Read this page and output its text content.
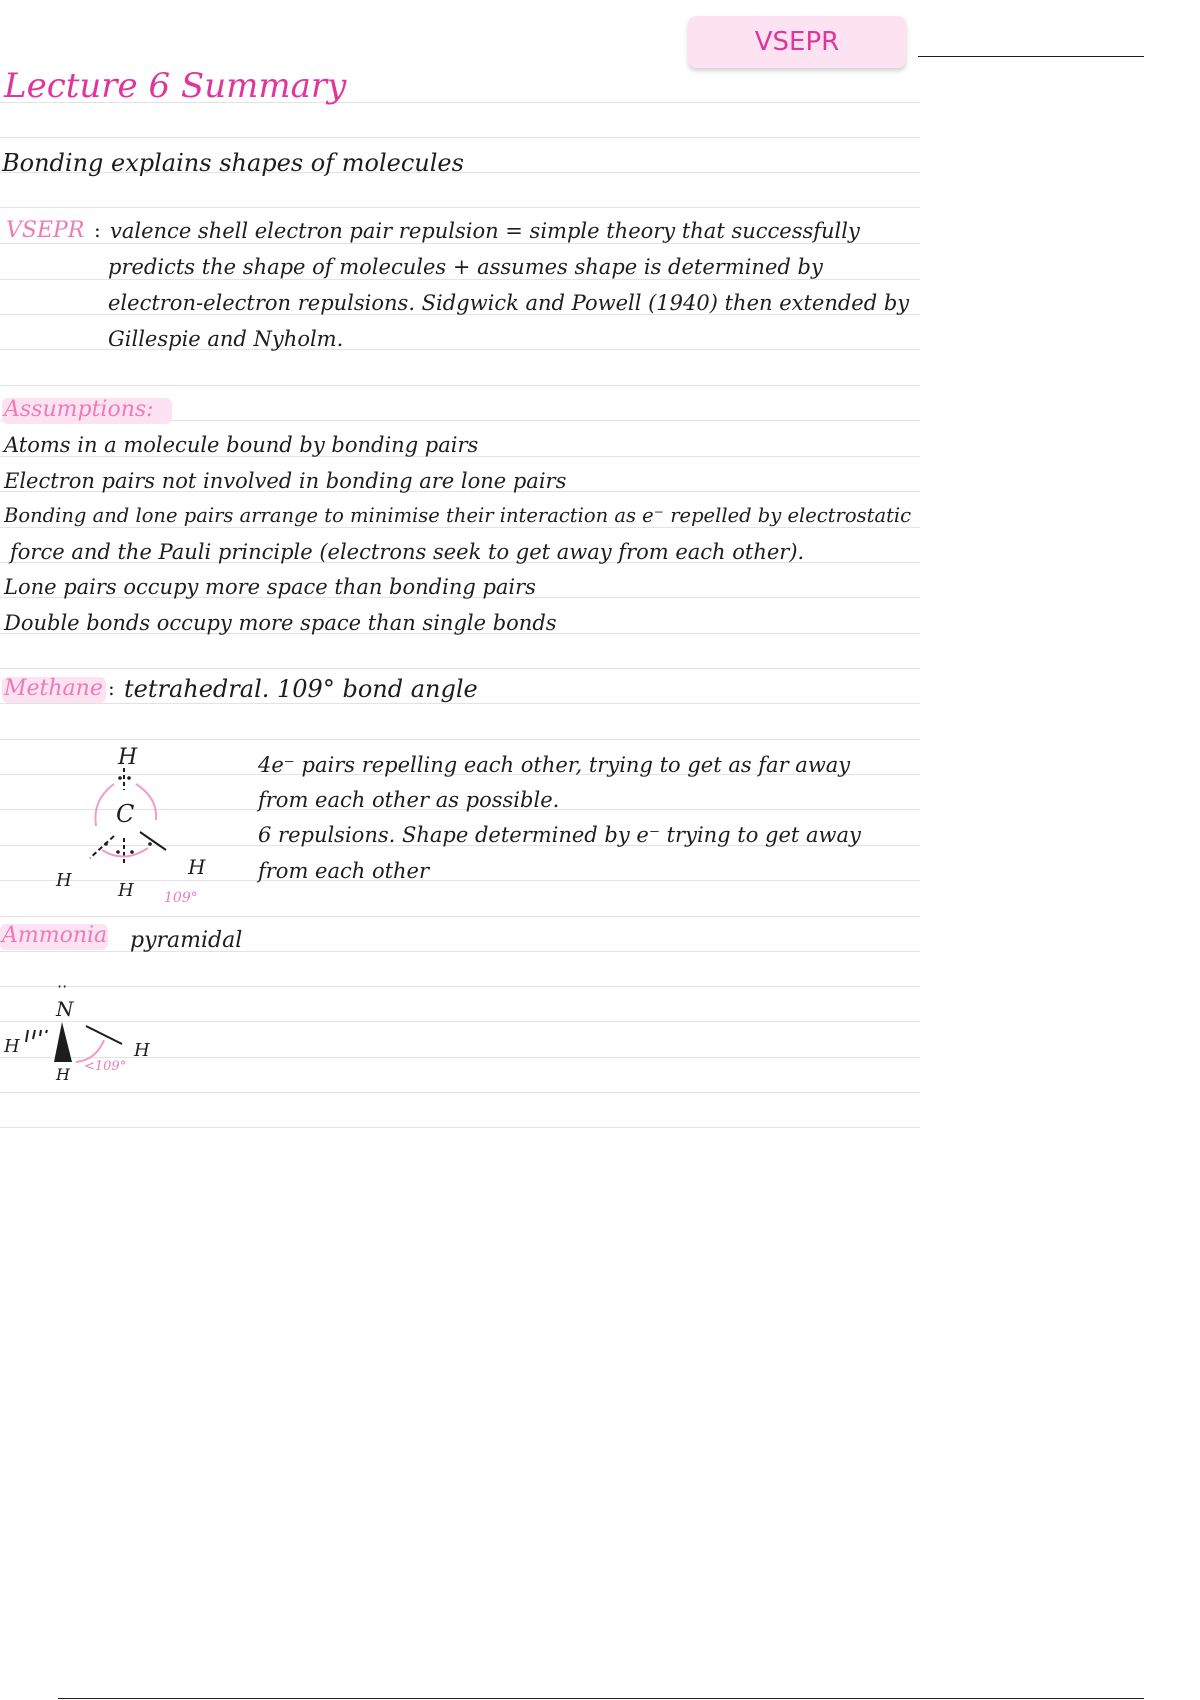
VSEPR
Lecture 6 Summary
Bonding explains shapes of molecules
VSEPR : valence shell electron pair repulsion = simple theory that successfully
predicts the shape of molecules + assumes shape is determined by
electron-electron repulsions. Sidgwick and Powell (1940) then extended by
Gillespie and Nyholm.
Assumptions:
Atoms in a molecule bound by bonding pairs
Electron pairs not involved in bonding are lone pairs
Bonding and lone pairs arrange to minimise their interaction as e⁻ repelled by electrostatic
force and the Pauli principle (electrons seek to get away from each other).
Lone pairs occupy more space than bonding pairs
Double bonds occupy more space than single bonds
Methane : tetrahedral. 109° bond angle
4e⁻ pairs repelling each other, trying to get as far away
from each other as possible.
6 repulsions. Shape determined by e⁻ trying to get away
from each other
H
C
H	H
H
109°
Ammonia pyramidal
··
N
H
H
H
<109°
